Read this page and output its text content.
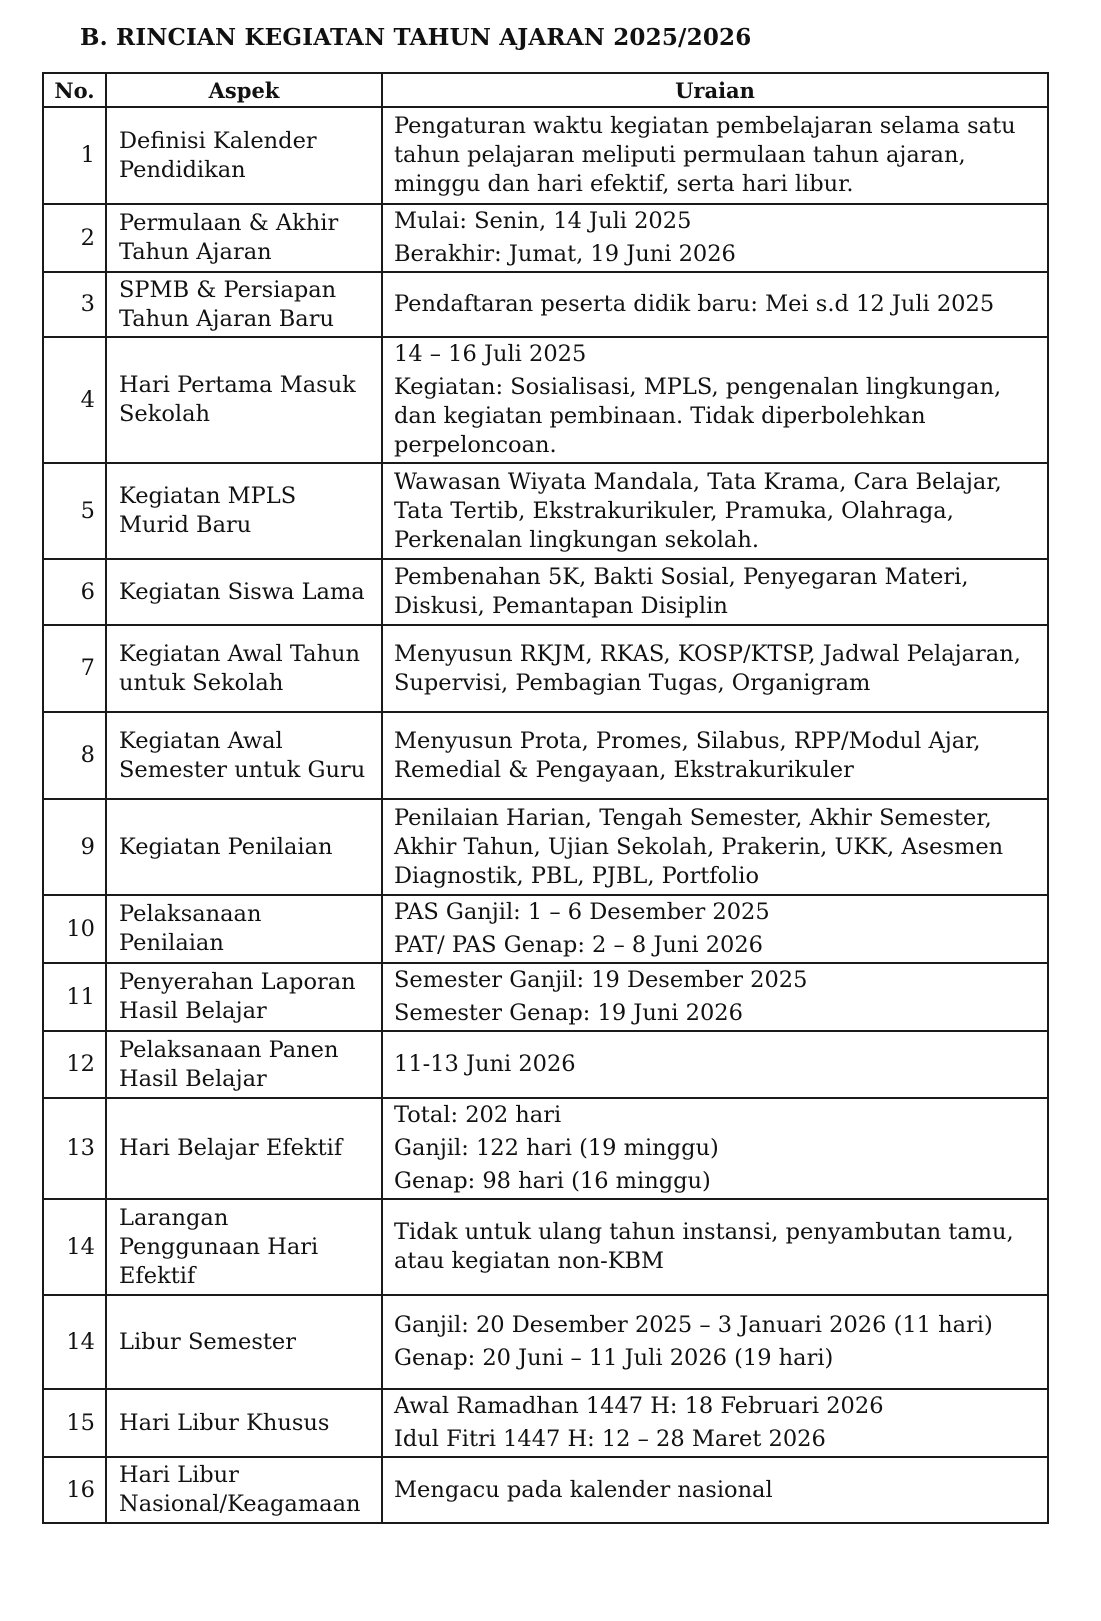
B. RINCIAN KEGIATAN TAHUN AJARAN 2025/2026
No.	Aspek	Uraian
1	Definisi Kalender Pendidikan	Pengaturan waktu kegiatan pembelajaran selama satu tahun pelajaran meliputi permulaan tahun ajaran, minggu dan hari efektif, serta hari libur.

2	Permulaan & Akhir Tahun Ajaran	Mulai: Senin, 14 Juli 2025
Berakhir: Jumat, 19 Juni 2026

3	SPMB & Persiapan Tahun Ajaran Baru	Pendaftaran peserta didik baru: Mei s.d 12 Juli 2025

4	Hari Pertama Masuk Sekolah	14 – 16 Juli 2025
Kegiatan: Sosialisasi, MPLS, pengenalan lingkungan, dan kegiatan pembinaan. Tidak diperbolehkan perpeloncoan.

5	Kegiatan MPLS Murid Baru	Wawasan Wiyata Mandala, Tata Krama, Cara Belajar, Tata Tertib, Ekstrakurikuler, Pramuka, Olahraga, Perkenalan lingkungan sekolah.

6	Kegiatan Siswa Lama	Pembenahan 5K, Bakti Sosial, Penyegaran Materi, Diskusi, Pemantapan Disiplin

7	Kegiatan Awal Tahun untuk Sekolah	Menyusun RKJM, RKAS, KOSP/KTSP, Jadwal Pelajaran, Supervisi, Pembagian Tugas, Organigram

8	Kegiatan Awal Semester untuk Guru	Menyusun Prota, Promes, Silabus, RPP/Modul Ajar, Remedial & Pengayaan, Ekstrakurikuler

9	Kegiatan Penilaian	Penilaian Harian, Tengah Semester, Akhir Semester, Akhir Tahun, Ujian Sekolah, Prakerin, UKK, Asesmen Diagnostik, PBL, PJBL, Portfolio

10	Pelaksanaan Penilaian	PAS Ganjil: 1 – 6 Desember 2025
PAT/ PAS Genap: 2 – 8 Juni 2026

11	Penyerahan Laporan Hasil Belajar	Semester Ganjil: 19 Desember 2025
Semester Genap: 19 Juni 2026

12	Pelaksanaan Panen Hasil Belajar	11-13 Juni 2026

13	Hari Belajar Efektif	Total: 202 hari
Ganjil: 122 hari (19 minggu)
Genap: 98 hari (16 minggu)

14	Larangan Penggunaan Hari Efektif	Tidak untuk ulang tahun instansi, penyambutan tamu, atau kegiatan non-KBM

14	Libur Semester	Ganjil: 20 Desember 2025 – 3 Januari 2026 (11 hari)
Genap: 20 Juni – 11 Juli 2026 (19 hari)

15	Hari Libur Khusus	Awal Ramadhan 1447 H: 18 Februari 2026
Idul Fitri 1447 H: 12 – 28 Maret 2026

16	Hari Libur Nasional/Keagamaan	Mengacu pada kalender nasional
